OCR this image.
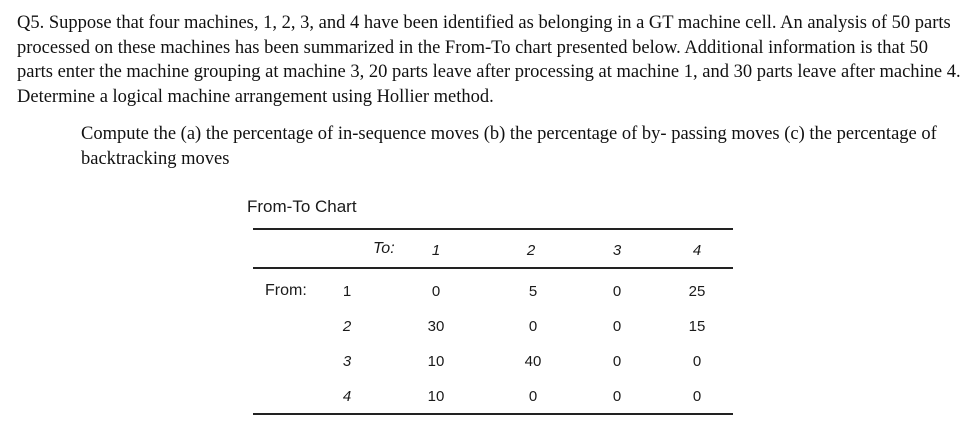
Q5. Suppose that four machines, 1, 2, 3, and 4 have been identified as belonging in a GT machine cell. An analysis of 50 parts processed on these machines has been summarized in the From-To chart presented below. Additional information is that 50 parts enter the machine grouping at machine 3, 20 parts leave after processing at machine 1, and 30 parts leave after machine 4. Determine a logical machine arrangement using Hollier method.

Compute the (a) the percentage of in-sequence moves (b) the percentage of by- passing moves (c) the percentage of backtracking moves

From-To Chart
To: 1	2	3	4
From: 1	0	5	0	25
2	30	0	0	15
3	10	40	0	0
4	10	0	0	0
